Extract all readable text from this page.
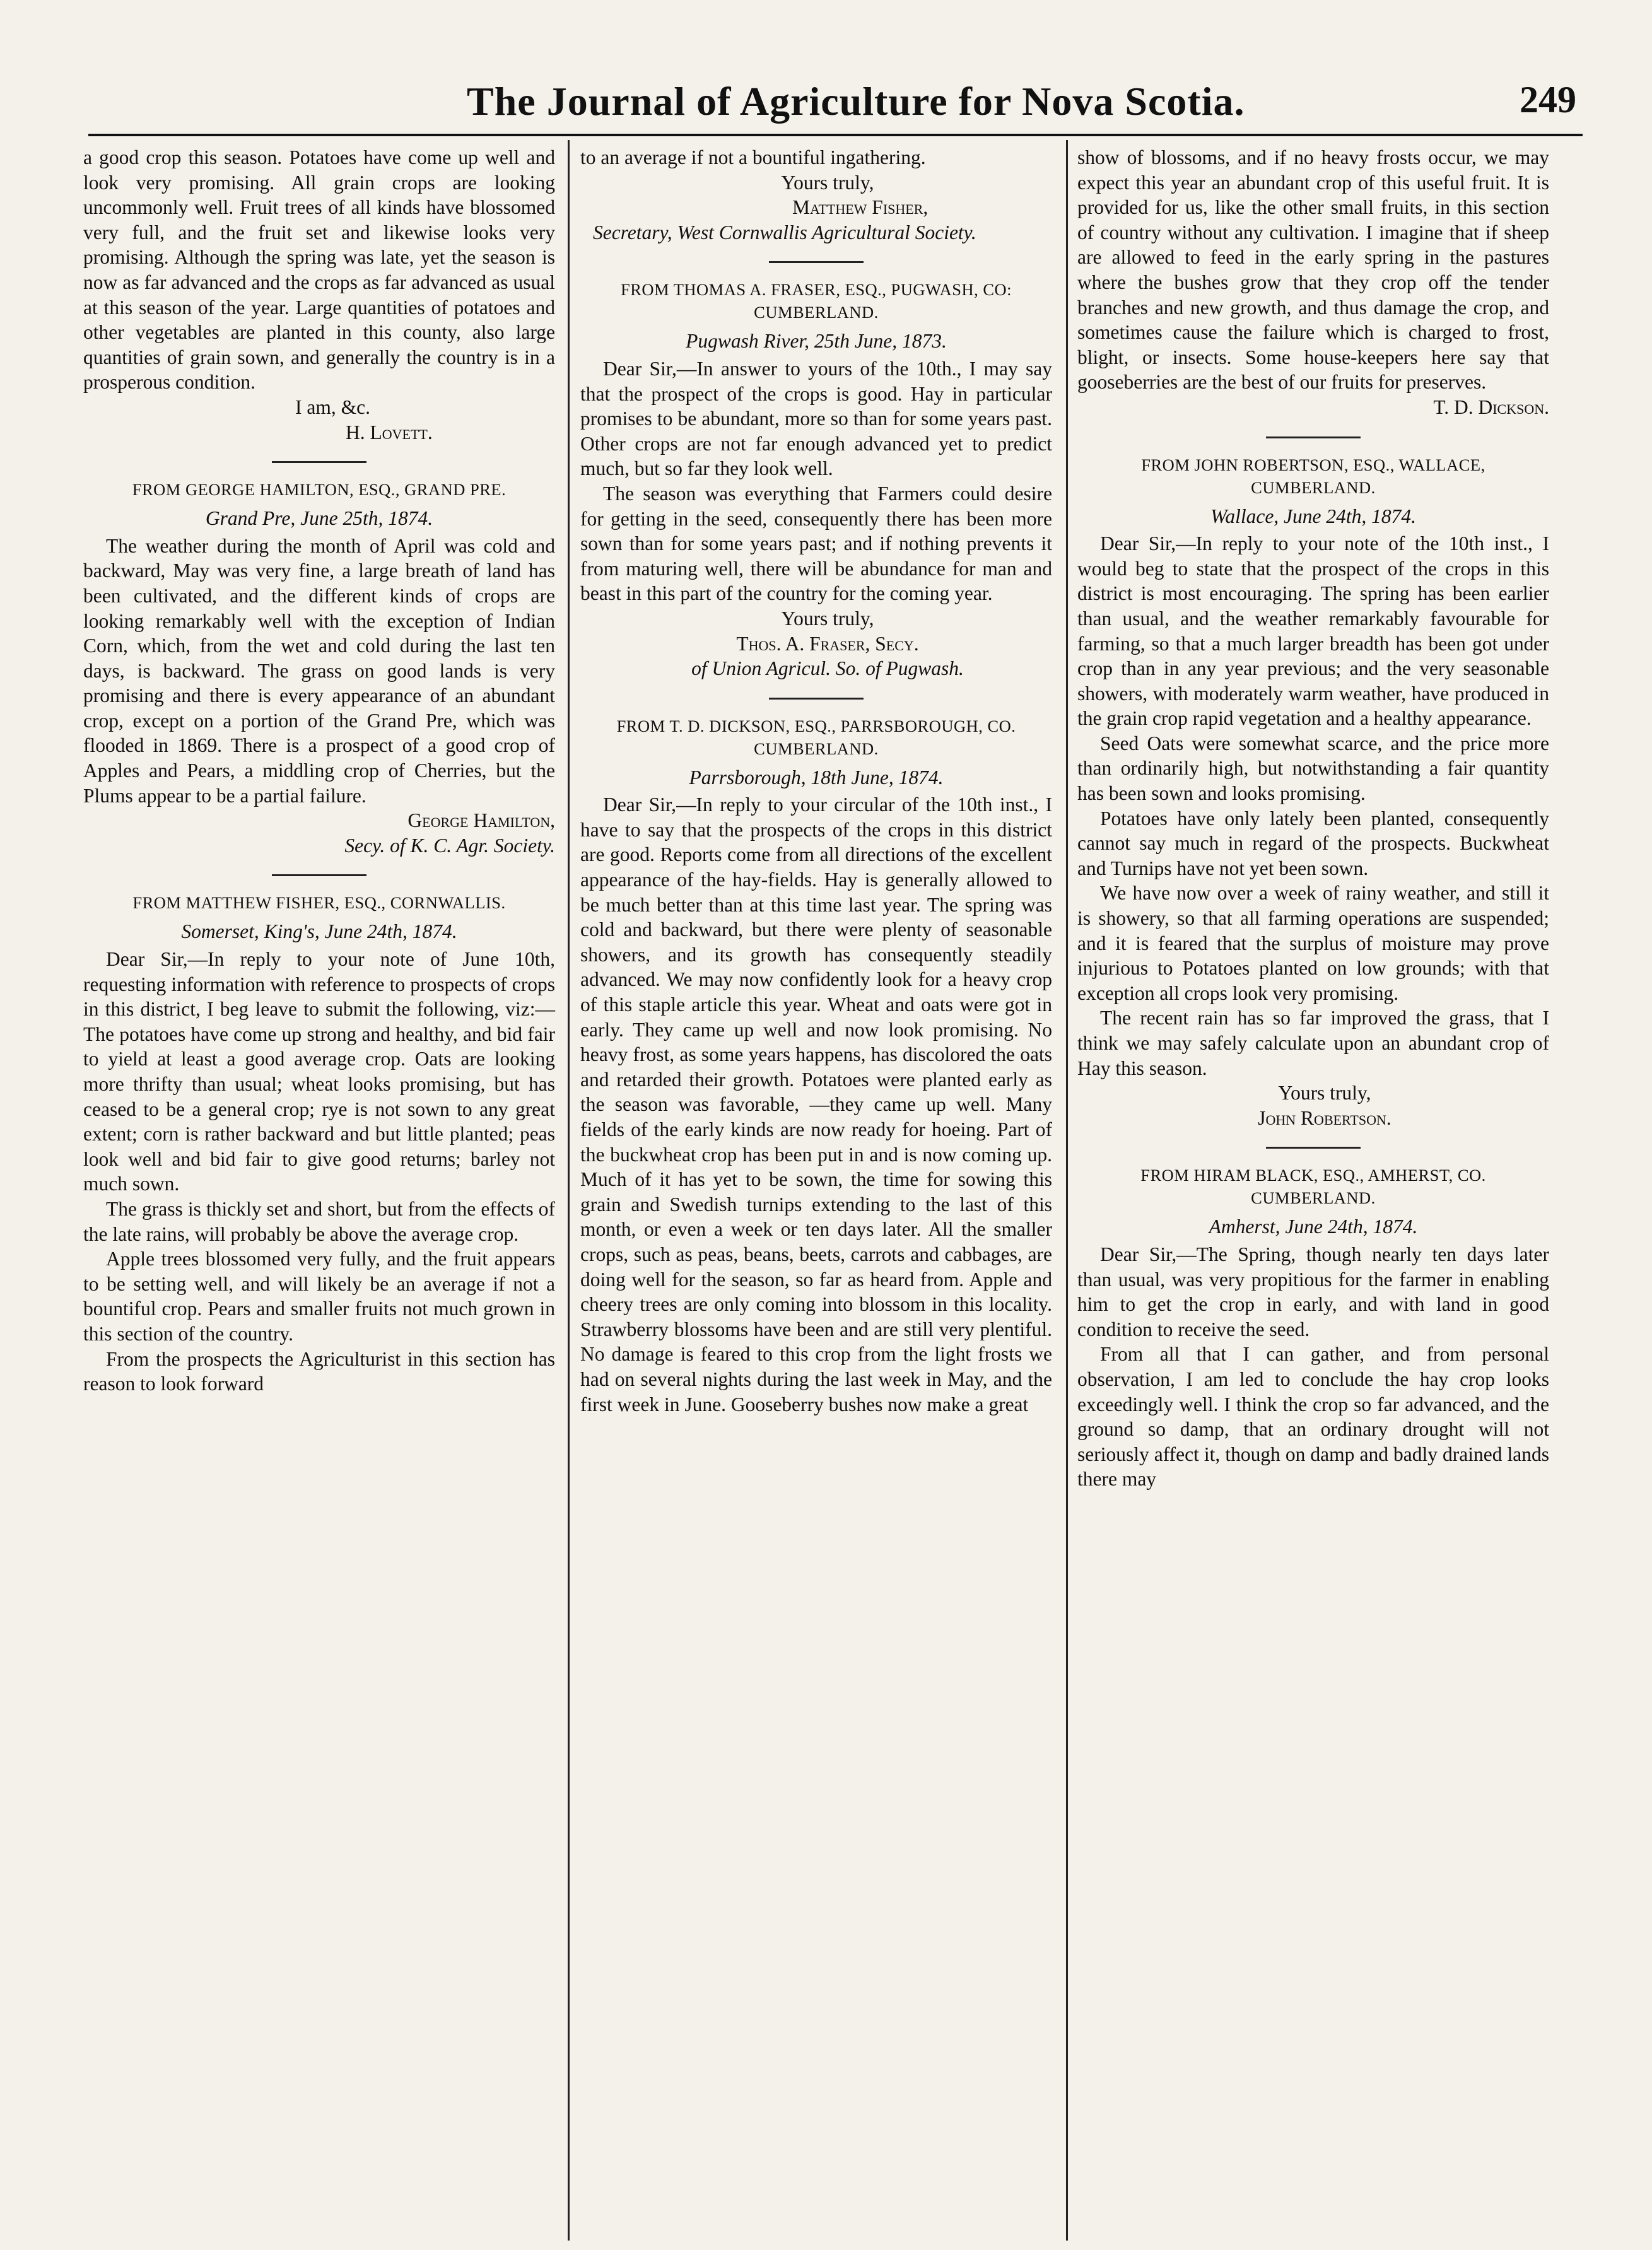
The Journal of Agriculture for Nova Scotia.	249

a good crop this season. Potatoes have come up well and look very promising. All grain crops are looking uncommonly well. Fruit trees of all kinds have blossomed very full, and the fruit set and likewise looks very promising. Although the spring was late, yet the season is now as far advanced and the crops as far advanced as usual at this season of the year. Large quantities of potatoes and other vegetables are planted in this county, also large quantities of grain sown, and generally the country is in a prosperous condition.

I am, &c.

H. Lovett.

FROM GEORGE HAMILTON, ESQ., GRAND PRE.
Grand Pre, June 25th, 1874.

The weather during the month of April was cold and backward, May was very fine, a large breath of land has been cultivated, and the different kinds of crops are looking remarkably well with the exception of Indian Corn, which, from the wet and cold during the last ten days, is backward. The grass on good lands is very promising and there is every appearance of an abundant crop, except on a portion of the Grand Pre, which was flooded in 1869. There is a prospect of a good crop of Apples and Pears, a middling crop of Cherries, but the Plums appear to be a partial failure.

George Hamilton,

Secy. of K. C. Agr. Society.

FROM MATTHEW FISHER, ESQ., CORNWALLIS.
Somerset, King's, June 24th, 1874.

Dear Sir,—In reply to your note of June 10th, requesting information with reference to prospects of crops in this district, I beg leave to submit the following, viz:—The potatoes have come up strong and healthy, and bid fair to yield at least a good average crop. Oats are looking more thrifty than usual; wheat looks promising, but has ceased to be a general crop; rye is not sown to any great extent; corn is rather backward and but little planted; peas look well and bid fair to give good returns; barley not much sown.

The grass is thickly set and short, but from the effects of the late rains, will probably be above the average crop.

Apple trees blossomed very fully, and the fruit appears to be setting well, and will likely be an average if not a bountiful crop. Pears and smaller fruits not much grown in this section of the country.

From the prospects the Agriculturist in this section has reason to look forward

to an average if not a bountiful ingathering.

Yours truly,

Matthew Fisher,

Secretary, West Cornwallis Agricultural Society.

FROM THOMAS A. FRASER, ESQ., PUGWASH, CO: CUMBERLAND.
Pugwash River, 25th June, 1873.

Dear Sir,—In answer to yours of the 10th., I may say that the prospect of the crops is good. Hay in particular promises to be abundant, more so than for some years past. Other crops are not far enough advanced yet to predict much, but so far they look well.

The season was everything that Farmers could desire for getting in the seed, consequently there has been more sown than for some years past; and if nothing prevents it from maturing well, there will be abundance for man and beast in this part of the country for the coming year.

Yours truly,

Thos. A. Fraser, Secy.

of Union Agricul. So. of Pugwash.

FROM T. D. DICKSON, ESQ., PARRSBOROUGH, CO. CUMBERLAND.
Parrsborough, 18th June, 1874.

Dear Sir,—In reply to your circular of the 10th inst., I have to say that the prospects of the crops in this district are good. Reports come from all directions of the excellent appearance of the hay-fields. Hay is generally allowed to be much better than at this time last year. The spring was cold and backward, but there were plenty of seasonable showers, and its growth has consequently steadily advanced. We may now confidently look for a heavy crop of this staple article this year. Wheat and oats were got in early. They came up well and now look promising. No heavy frost, as some years happens, has discolored the oats and retarded their growth. Potatoes were planted early as the season was favorable, —they came up well. Many fields of the early kinds are now ready for hoeing. Part of the buckwheat crop has been put in and is now coming up. Much of it has yet to be sown, the time for sowing this grain and Swedish turnips extending to the last of this month, or even a week or ten days later. All the smaller crops, such as peas, beans, beets, carrots and cabbages, are doing well for the season, so far as heard from. Apple and cheery trees are only coming into blossom in this locality. Strawberry blossoms have been and are still very plentiful. No damage is feared to this crop from the light frosts we had on several nights during the last week in May, and the first week in June. Gooseberry bushes now make a great

show of blossoms, and if no heavy frosts occur, we may expect this year an abundant crop of this useful fruit. It is provided for us, like the other small fruits, in this section of country without any cultivation. I imagine that if sheep are allowed to feed in the early spring in the pastures where the bushes grow that they crop off the tender branches and new growth, and thus damage the crop, and sometimes cause the failure which is charged to frost, blight, or insects. Some house-keepers here say that gooseberries are the best of our fruits for preserves.

T. D. Dickson.

FROM JOHN ROBERTSON, ESQ., WALLACE, CUMBERLAND.
Wallace, June 24th, 1874.

Dear Sir,—In reply to your note of the 10th inst., I would beg to state that the prospect of the crops in this district is most encouraging. The spring has been earlier than usual, and the weather remarkably favourable for farming, so that a much larger breadth has been got under crop than in any year previous; and the very seasonable showers, with moderately warm weather, have produced in the grain crop rapid vegetation and a healthy appearance.

Seed Oats were somewhat scarce, and the price more than ordinarily high, but notwithstanding a fair quantity has been sown and looks promising.

Potatoes have only lately been planted, consequently cannot say much in regard of the prospects. Buckwheat and Turnips have not yet been sown.

We have now over a week of rainy weather, and still it is showery, so that all farming operations are suspended; and it is feared that the surplus of moisture may prove injurious to Potatoes planted on low grounds; with that exception all crops look very promising.

The recent rain has so far improved the grass, that I think we may safely calculate upon an abundant crop of Hay this season.

Yours truly,

John Robertson.

FROM HIRAM BLACK, ESQ., AMHERST, CO. CUMBERLAND.
Amherst, June 24th, 1874.

Dear Sir,—The Spring, though nearly ten days later than usual, was very propitious for the farmer in enabling him to get the crop in early, and with land in good condition to receive the seed.

From all that I can gather, and from personal observation, I am led to conclude the hay crop looks exceedingly well. I think the crop so far advanced, and the ground so damp, that an ordinary drought will not seriously affect it, though on damp and badly drained lands there may
